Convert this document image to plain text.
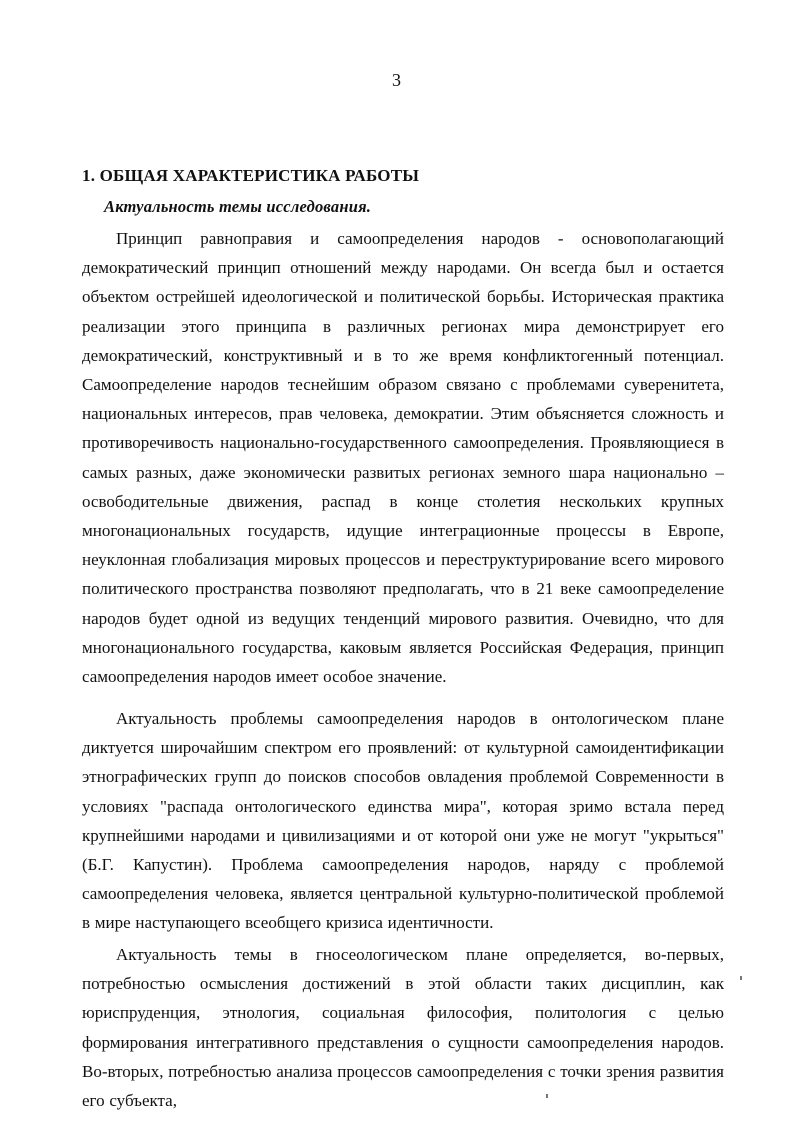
3
1. ОБЩАЯ ХАРАКТЕРИСТИКА РАБОТЫ
Актуальность темы исследования.

Принцип равноправия и самоопределения народов - основополагающий демократический принцип отношений между народами. Он всегда был и остается объектом острейшей идеологической и политической борьбы. Историческая практика реализации этого принципа в различных регионах мира демонстрирует его демократический, конструктивный и в то же время конфликтогенный потенциал. Самоопределение народов теснейшим образом связано с проблемами суверенитета, национальных интересов, прав человека, демократии. Этим объясняется сложность и противоречивость национально-государственного самоопределения. Проявляющиеся в самых разных, даже экономически развитых регионах земного шара национально – освободительные движения, распад в конце столетия нескольких крупных многонациональных государств, идущие интеграционные процессы в Европе, неуклонная глобализация мировых процессов и переструктурирование всего мирового политического пространства позволяют предполагать, что в 21 веке самоопределение народов будет одной из ведущих тенденций мирового развития. Очевидно, что для многонационального государства, каковым является Российская Федерация, принцип самоопределения народов имеет особое значение.

Актуальность проблемы самоопределения народов в онтологическом плане диктуется широчайшим спектром его проявлений: от культурной самоидентификации этнографических групп до поисков способов овладения проблемой Современности в условиях "распада онтологического единства мира", которая зримо встала перед крупнейшими народами и цивилизациями и от которой они уже не могут "укрыться" (Б.Г. Капустин). Проблема самоопределения народов, наряду с проблемой самоопределения человека, является центральной культурно-политической проблемой в мире наступающего всеобщего кризиса идентичности.

Актуальность темы в гносеологическом плане определяется, во-первых, потребностью осмысления достижений в этой области таких дисциплин, как юриспруденция, этнология, социальная философия, политология с целью формирования интегративного представления о сущности самоопределения народов. Во-вторых, потребностью анализа процессов самоопределения с точки зрения развития его субъекта,
